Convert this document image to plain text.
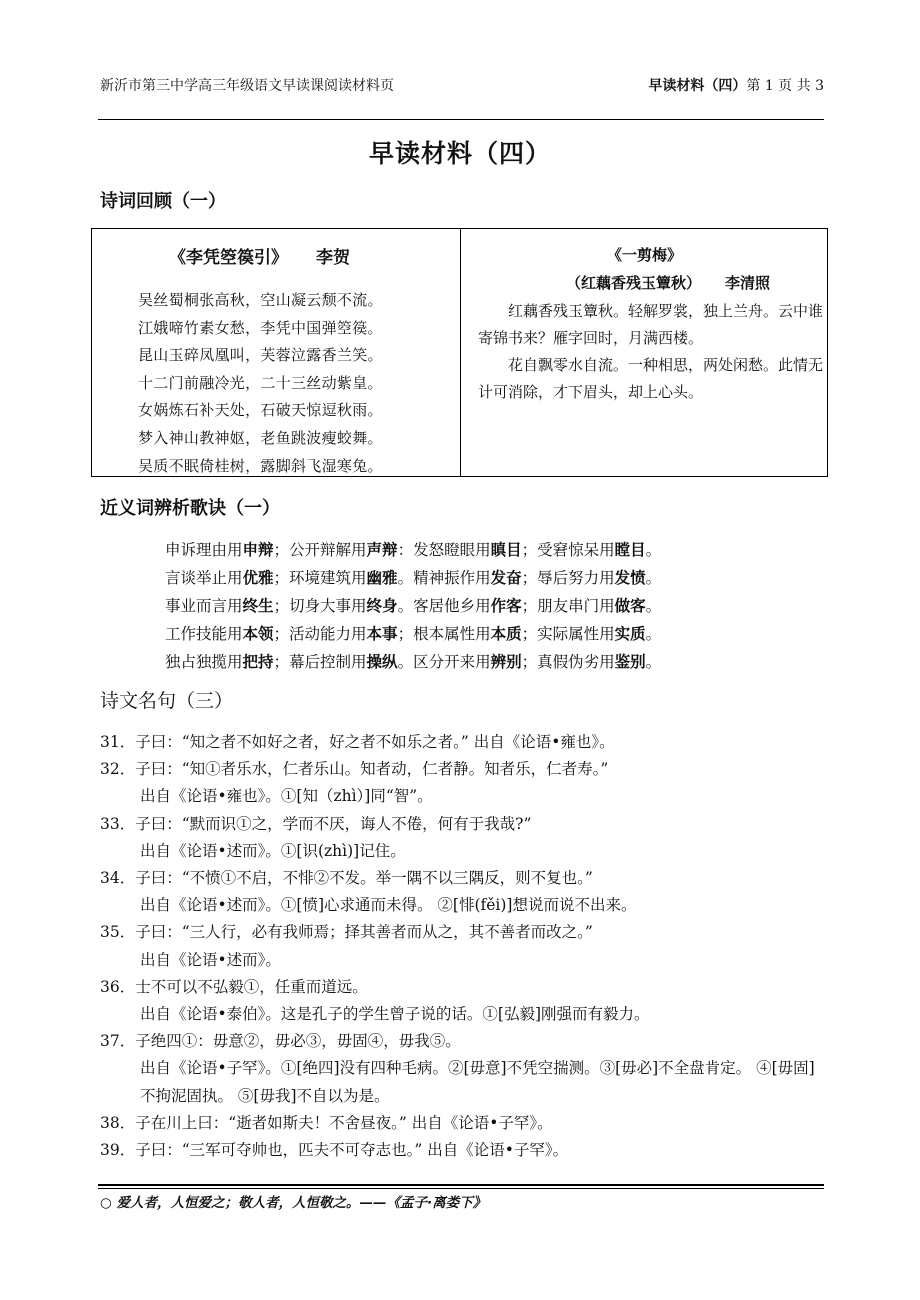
新沂市第三中学高三年级语文早读课阅读材料页	早读材料（四）第 1 页 共 3
早读材料（四）
诗词回顾（一）
《李凭箜篌引》 李贺
吴丝蜀桐张高秋，空山凝云颓不流。
江娥啼竹素女愁，李凭中国弹箜篌。
昆山玉碎凤凰叫，芙蓉泣露香兰笑。
十二门前融冷光，二十三丝动紫皇。
女娲炼石补天处，石破天惊逗秋雨。
梦入神山教神妪，老鱼跳波瘦蛟舞。
吴质不眠倚桂树，露脚斜飞湿寒兔。
《一剪梅》
（红藕香残玉簟秋） 李清照

红藕香残玉簟秋。轻解罗裳，独上兰舟。云中谁寄锦书来？雁字回时，月满西楼。

花自飘零水自流。一种相思，两处闲愁。此情无计可消除，才下眉头，却上心头。

近义词辨析歌诀（一）
申诉理由用申辩；公开辩解用声辩：发怒瞪眼用瞋目；受窘惊呆用瞠目。
言谈举止用优雅；环境建筑用幽雅。精神振作用发奋；辱后努力用发愤。
事业而言用终生；切身大事用终身。客居他乡用作客；朋友串门用做客。
工作技能用本领；活动能力用本事；根本属性用本质；实际属性用实质。
独占独揽用把持；幕后控制用操纵。区分开来用辨别；真假伪劣用鉴别。
诗文名句（三）
31．子曰：“知之者不如好之者，好之者不如乐之者。” 出自《论语•雍也》。
32．子曰：“知①者乐水，仁者乐山。知者动，仁者静。知者乐，仁者寿。”
出自《论语•雍也》。①[知（zhì）]同“智”。
33．子曰：“默而识①之，学而不厌，诲人不倦，何有于我哉?”
出自《论语•述而》。①[识(zhì)]记住。
34．子曰：“不愤①不启，不悱②不发。举一隅不以三隅反，则不复也。”
出自《论语•述而》。①[愤]心求通而未得。 ②[悱(fěi)]想说而说不出来。
35．子曰：“三人行，必有我师焉；择其善者而从之，其不善者而改之。”
出自《论语•述而》。
36．士不可以不弘毅①，任重而道远。
出自《论语•泰伯》。这是孔子的学生曾子说的话。①[弘毅]刚强而有毅力。
37．子绝四①：毋意②，毋必③，毋固④，毋我⑤。
出自《论语•子罕》。①[绝四]没有四种毛病。②[毋意]不凭空揣测。③[毋必]不全盘肯定。 ④[毋固]不拘泥固执。 ⑤[毋我]不自以为是。
38．子在川上曰：“逝者如斯夫！不舍昼夜。” 出自《论语•子罕》。
39．子曰：“三军可夺帅也，匹夫不可夺志也。” 出自《论语•子罕》。
○ 爱人者，人恒爱之；敬人者，人恒敬之。——《孟子·离娄下》
